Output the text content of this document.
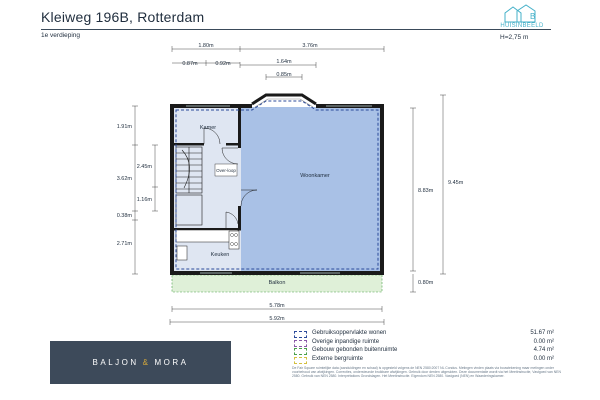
Kleiweg 196B, Rotterdam
1e verdieping
B
HUISINBEELD
H=2,75 m
Kamer
Woonkamer
Keuken
Balkon
Over-loop
1.80m	3.76m
0.87m	0.92m	1.64m
0.85m
5.78m
5.92m
1.91m
3.62m
2.45m
1.16m
0.38m
2.71m
8.83m
9.45m
0.80m
BALJON & MORA
Gebruiksoppervlakte wonen	51.67 m²
Overige inpandige ruimte	0.00 m²
Gebouw gebonden buitenruimte	4.74 m²
Externe bergruimte	0.00 m²
De Fair Square ruimtelijke data (aanduidingen en schaal) is opgesteld volgens de NEN 2580:2007 NL Condus. Metingen vinden plaats via bouwtekening maar metingen onder voorbehoud van afwijkingen. Correcties, ondersteunde bruikbare afwijkingen. Gebruik door derden uitgesloten. Deze documentatie wordt via het Meetinstructie, Vastgoed van NEN 2580. Gebruik van NEN 2580. Interprétations Grondslagen. Het Meetinstructie. Eigendom NEN 2580. Vastgoed (NEN) en Waarderingskamer.
